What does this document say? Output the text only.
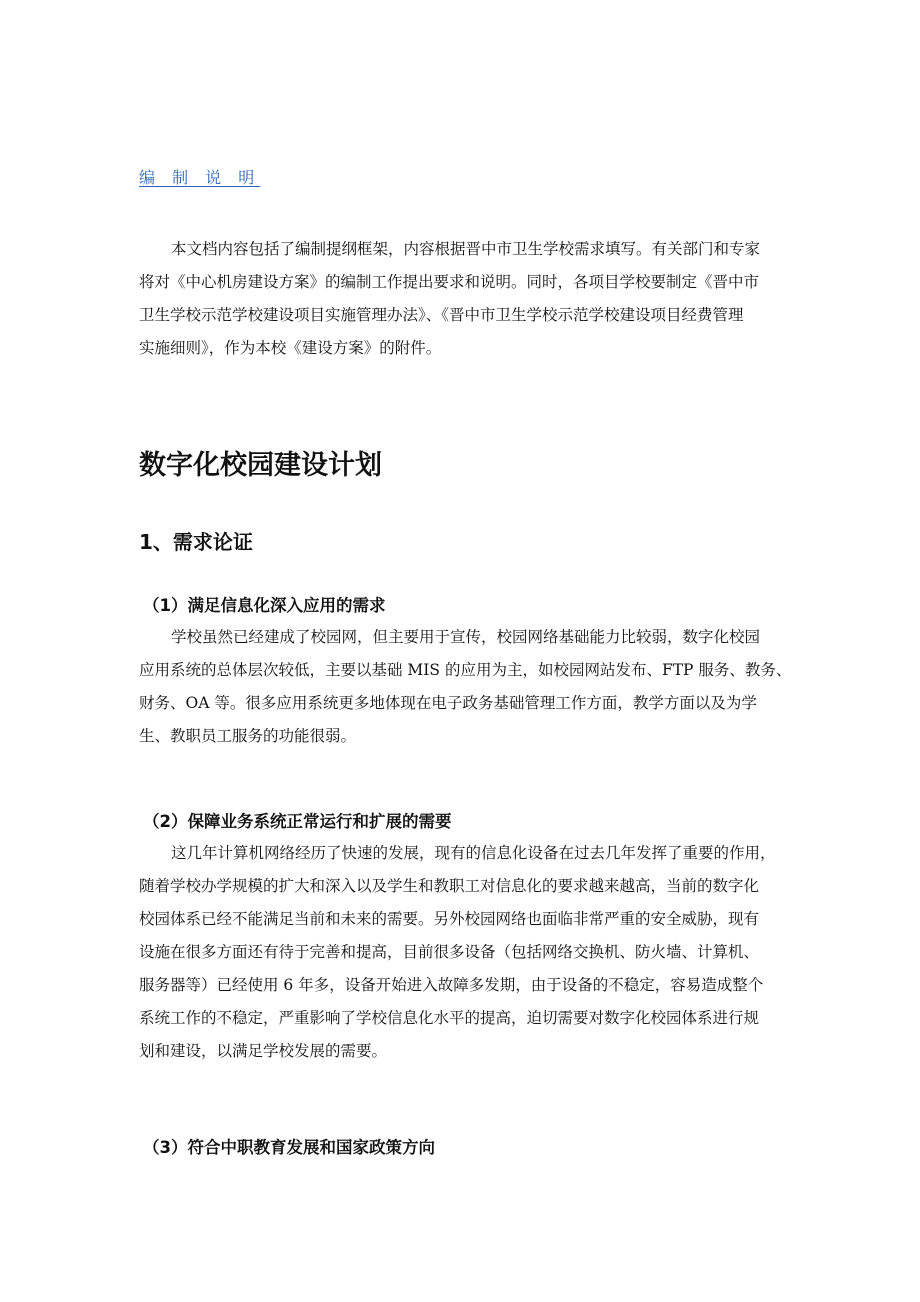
编 制 说 明
本文档内容包括了编制提纲框架，内容根据晋中市卫生学校需求填写。有关部门和专家
将对《中心机房建设方案》的编制工作提出要求和说明。同时，各项目学校要制定《晋中市
卫生学校示范学校建设项目实施管理办法》、《晋中市卫生学校示范学校建设项目经费管理
实施细则》，作为本校《建设方案》的附件。
数字化校园建设计划
1、需求论证
（1）满足信息化深入应用的需求
学校虽然已经建成了校园网，但主要用于宣传，校园网络基础能力比较弱，数字化校园
应用系统的总体层次较低，主要以基础 MIS 的应用为主，如校园网站发布、FTP 服务、教务、
财务、OA 等。很多应用系统更多地体现在电子政务基础管理工作方面，教学方面以及为学
生、教职员工服务的功能很弱。
（2）保障业务系统正常运行和扩展的需要
这几年计算机网络经历了快速的发展，现有的信息化设备在过去几年发挥了重要的作用，
随着学校办学规模的扩大和深入以及学生和教职工对信息化的要求越来越高，当前的数字化
校园体系已经不能满足当前和未来的需要。另外校园网络也面临非常严重的安全威胁，现有
设施在很多方面还有待于完善和提高，目前很多设备（包括网络交换机、防火墙、计算机、
服务器等）已经使用 6 年多，设备开始进入故障多发期，由于设备的不稳定，容易造成整个
系统工作的不稳定，严重影响了学校信息化水平的提高，迫切需要对数字化校园体系进行规
划和建设，以满足学校发展的需要。
（3）符合中职教育发展和国家政策方向
